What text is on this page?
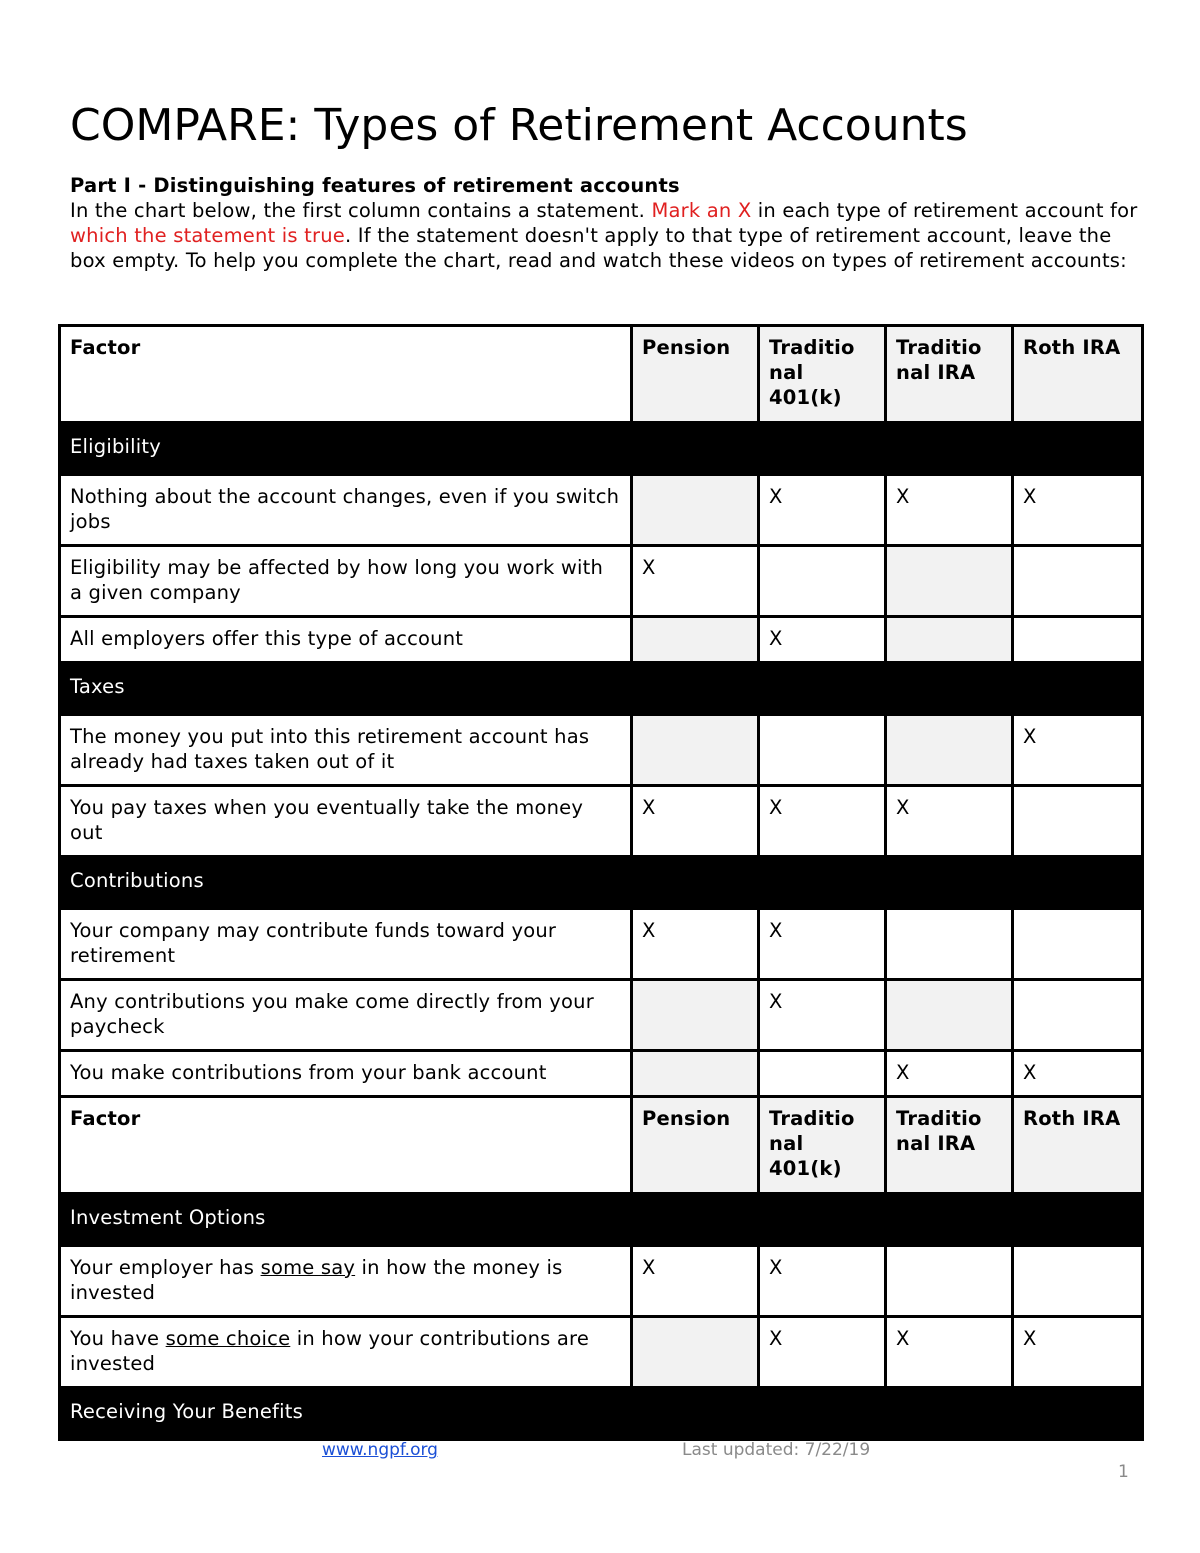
COMPARE: Types of Retirement Accounts
Part I - Distinguishing features of retirement accounts
In the chart below, the first column contains a statement. Mark an X in each type of retirement account for which the statement is true. If the statement doesn't apply to that type of retirement account, leave the box empty. To help you complete the chart, read and watch these videos on types of retirement accounts:
Factor	Pension	Traditio nal 401(k)	Traditio nal IRA	Roth IRA
Eligibility				
Nothing about the account changes, even if you switch jobs		X	X	X
Eligibility may be affected by how long you work with a given company	X			
All employers offer this type of account		X		
Taxes				
The money you put into this retirement account has already had taxes taken out of it				X
You pay taxes when you eventually take the money out	X	X	X	
Contributions				
Your company may contribute funds toward your retirement	X	X		
Any contributions you make come directly from your paycheck		X		
You make contributions from your bank account			X	X
Factor	Pension	Traditio nal 401(k)	Traditio nal IRA	Roth IRA
Investment Options				
Your employer has some say in how the money is invested	X	X		
You have some choice in how your contributions are invested		X	X	X
Receiving Your Benefits				
www.ngpf.org	Last updated: 7/22/19
1
